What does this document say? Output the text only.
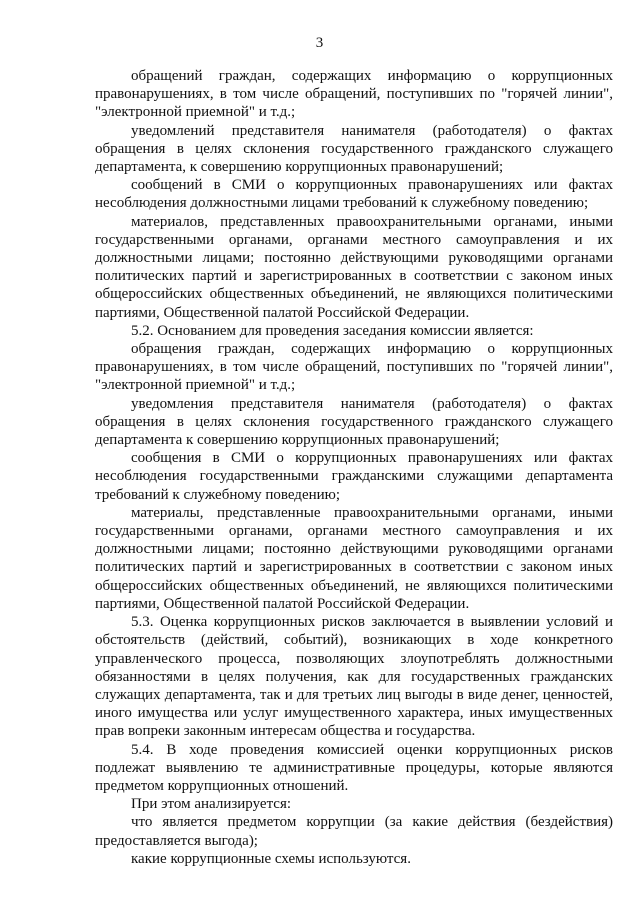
3

обращений граждан, содержащих информацию о коррупционных правонарушениях, в том числе обращений, поступивших по "горячей линии", "электронной приемной" и т.д.;

уведомлений представителя нанимателя (работодателя) о фактах обращения в целях склонения государственного гражданского служащего департамента, к совершению коррупционных правонарушений;

сообщений в СМИ о коррупционных правонарушениях или фактах несоблюдения должностными лицами требований к служебному поведению;

материалов, представленных правоохранительными органами, иными государственными органами, органами местного самоуправления и их должностными лицами; постоянно действующими руководящими органами политических партий и зарегистрированных в соответствии с законом иных общероссийских общественных объединений, не являющихся политическими партиями, Общественной палатой Российской Федерации.

5.2. Основанием для проведения заседания комиссии является:

обращения граждан, содержащих информацию о коррупционных правонарушениях, в том числе обращений, поступивших по "горячей линии", "электронной приемной" и т.д.;

уведомления представителя нанимателя (работодателя) о фактах обращения в целях склонения государственного гражданского служащего департамента к совершению коррупционных правонарушений;

сообщения в СМИ о коррупционных правонарушениях или фактах несоблюдения государственными гражданскими служащими департамента требований к служебному поведению;

материалы, представленные правоохранительными органами, иными государственными органами, органами местного самоуправления и их должностными лицами; постоянно действующими руководящими органами политических партий и зарегистрированных в соответствии с законом иных общероссийских общественных объединений, не являющихся политическими партиями, Общественной палатой Российской Федерации.

5.3. Оценка коррупционных рисков заключается в выявлении условий и обстоятельств (действий, событий), возникающих в ходе конкретного управленческого процесса, позволяющих злоупотреблять должностными обязанностями в целях получения, как для государственных гражданских служащих департамента, так и для третьих лиц выгоды в виде денег, ценностей, иного имущества или услуг имущественного характера, иных имущественных прав вопреки законным интересам общества и государства.

5.4. В ходе проведения комиссией оценки коррупционных рисков подлежат выявлению те административные процедуры, которые являются предметом коррупционных отношений.

При этом анализируется:

что является предметом коррупции (за какие действия (бездействия) предоставляется выгода);

какие коррупционные схемы используются.
